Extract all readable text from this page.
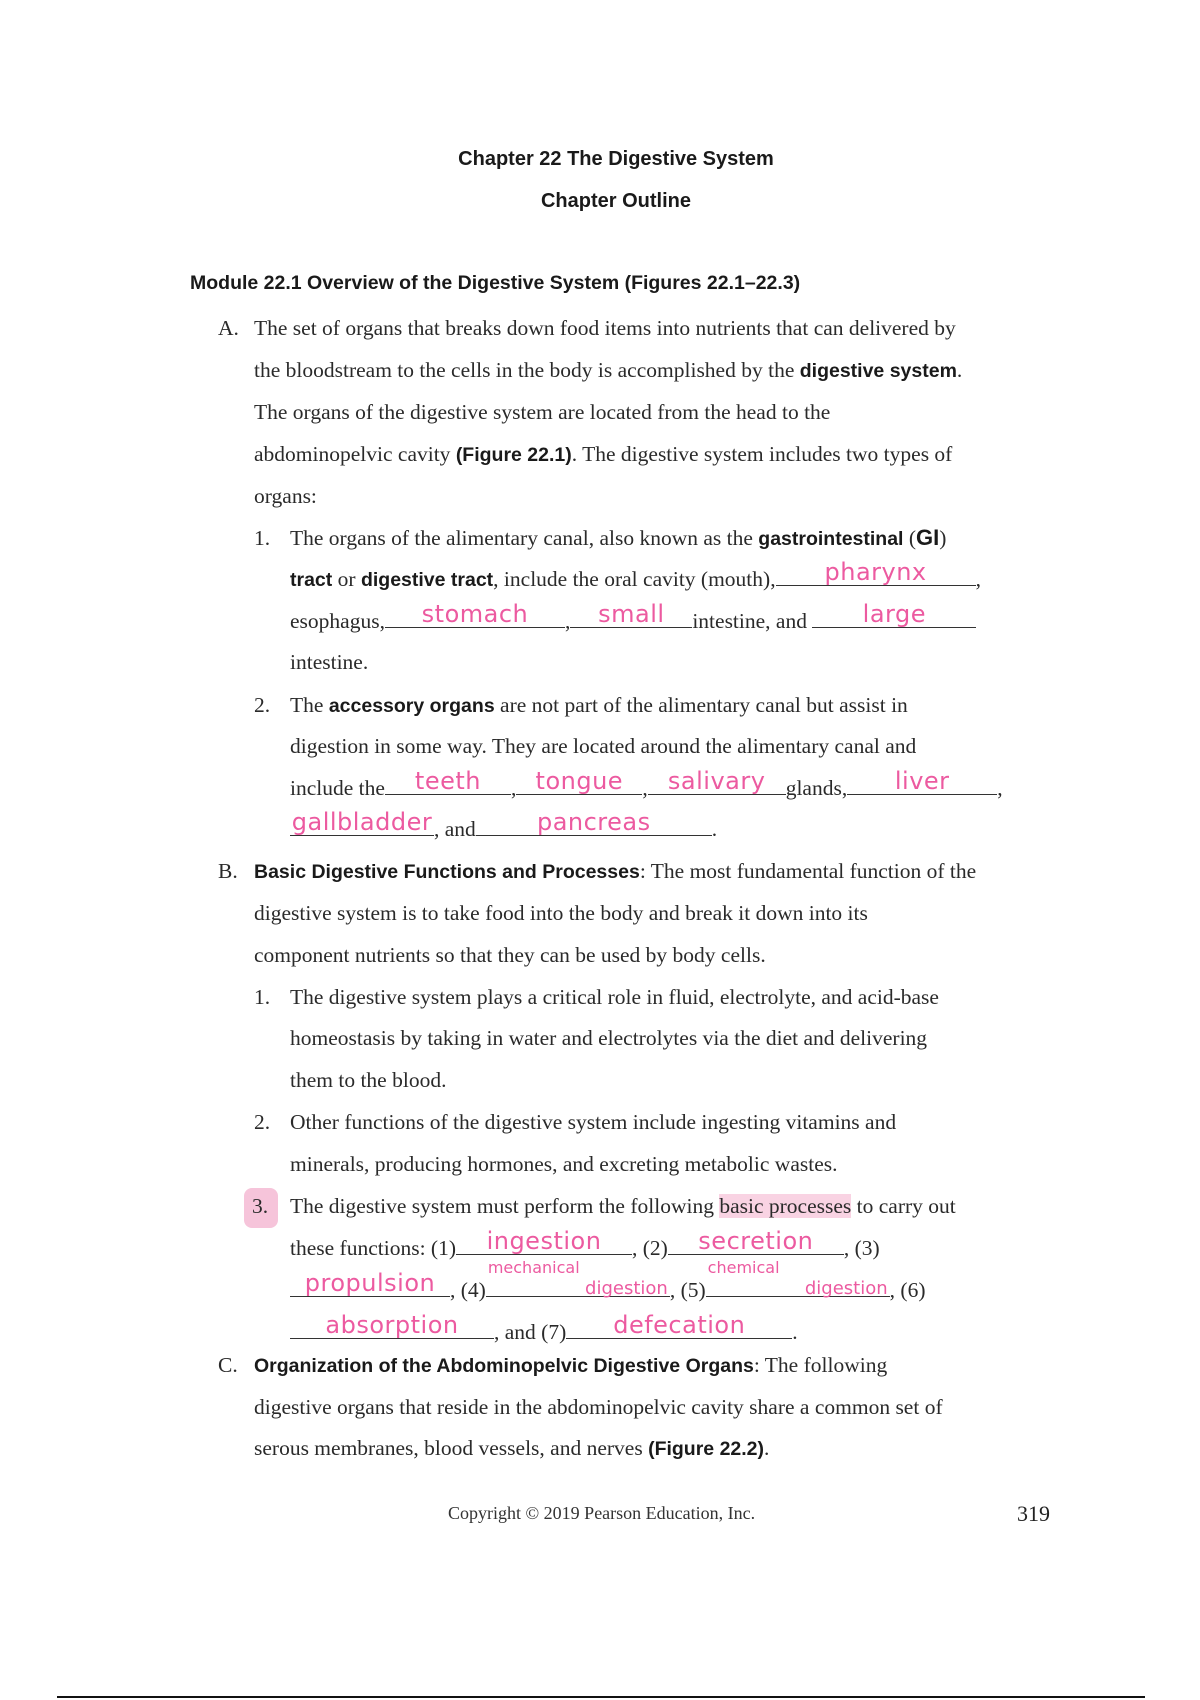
Chapter 22 The Digestive System
Chapter Outline
Module 22.1 Overview of the Digestive System (Figures 22.1–22.3)
A. The set of organs that breaks down food items into nutrients that can delivered by
the bloodstream to the cells in the body is accomplished by the digestive system.
The organs of the digestive system are located from the head to the
abdominopelvic cavity (Figure 22.1). The digestive system includes two types of
organs:
1. The organs of the alimentary canal, also known as the gastrointestinal (GI)
tract or digestive tract, include the oral cavity (mouth),	pharynx	,
esophagus,	stomach	,	small	intestine, and	large
intestine.
2. The accessory organs are not part of the alimentary canal but assist in
digestion in some way. They are located around the alimentary canal and
include the	teeth	, tongue , salivary glands,	liver	,
gallbladder , and	pancreas	.
B. Basic Digestive Functions and Processes: The most fundamental function of the
digestive system is to take food into the body and break it down into its
component nutrients so that they can be used by body cells.
1. The digestive system plays a critical role in fluid, electrolyte, and acid-base
homeostasis by taking in water and electrolytes via the diet and delivering
them to the blood.
2. Other functions of the digestive system include ingesting vitamins and
minerals, producing hormones, and excreting metabolic wastes.
3.	The digestive system must perform the following basic processes to carry out
these functions: (1)	ingestion	, (2)	secretion	, (3)
propulsion , (4)
mechanical
digestion , (5)
chemical
digestion , (6)
absorption	, and (7)	defecation	.
C. Organization of the Abdominopelvic Digestive Organs: The following
digestive organs that reside in the abdominopelvic cavity share a common set of
serous membranes, blood vessels, and nerves (Figure 22.2).
Copyright © 2019 Pearson Education, Inc.	319
